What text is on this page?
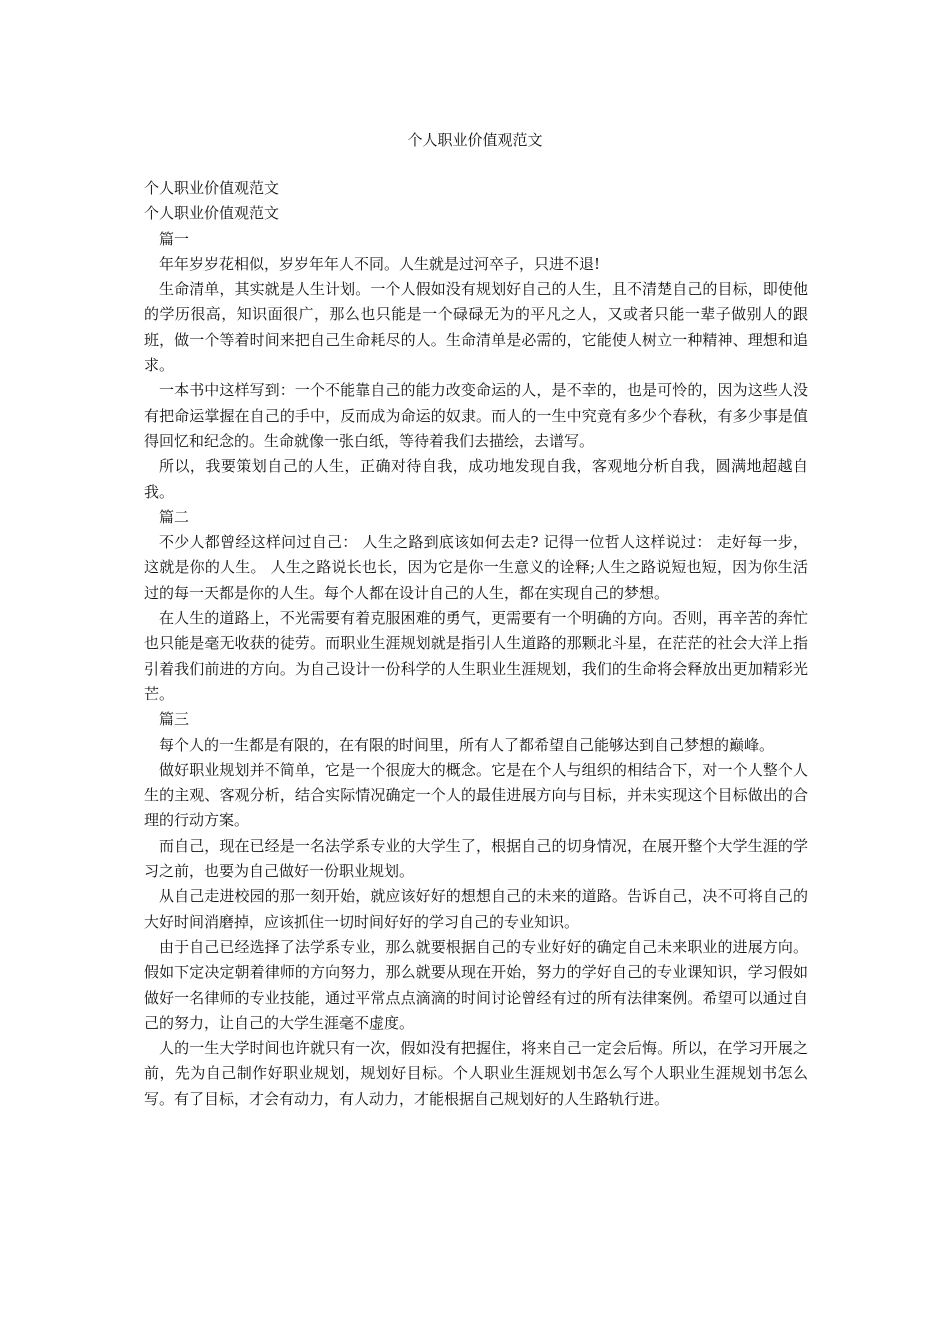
个人职业价值观范文

个人职业价值观范文

个人职业价值观范文

篇一

年年岁岁花相似，岁岁年年人不同。人生就是过河卒子，只进不退!

生命清单，其实就是人生计划。一个人假如没有规划好自己的人生，且不清楚自己的目标，即使他的学历很高，知识面很广，那么也只能是一个碌碌无为的平凡之人，又或者只能一辈子做别人的跟班，做一个等着时间来把自己生命耗尽的人。生命清单是必需的，它能使人树立一种精神、理想和追求。

一本书中这样写到：一个不能靠自己的能力改变命运的人，是不幸的，也是可怜的，因为这些人没有把命运掌握在自己的手中，反而成为命运的奴隶。而人的一生中究竟有多少个春秋，有多少事是值得回忆和纪念的。生命就像一张白纸，等待着我们去描绘，去谱写。

所以，我要策划自己的人生，正确对待自我，成功地发现自我，客观地分析自我，圆满地超越自我。

篇二

不少人都曾经这样问过自己： 人生之路到底该如何去走? 记得一位哲人这样说过： 走好每一步，这就是你的人生。 人生之路说长也长，因为它是你一生意义的诠释;人生之路说短也短，因为你生活过的每一天都是你的人生。每个人都在设计自己的人生，都在实现自己的梦想。

在人生的道路上，不光需要有着克服困难的勇气，更需要有一个明确的方向。否则，再辛苦的奔忙也只能是毫无收获的徒劳。而职业生涯规划就是指引人生道路的那颗北斗星，在茫茫的社会大洋上指引着我们前进的方向。为自己设计一份科学的人生职业生涯规划，我们的生命将会释放出更加精彩光芒。

篇三

每个人的一生都是有限的，在有限的时间里，所有人了都希望自己能够达到自己梦想的巅峰。

做好职业规划并不简单，它是一个很庞大的概念。它是在个人与组织的相结合下，对一个人整个人生的主观、客观分析，结合实际情况确定一个人的最佳进展方向与目标，并未实现这个目标做出的合理的行动方案。

而自己，现在已经是一名法学系专业的大学生了，根据自己的切身情况，在展开整个大学生涯的学习之前，也要为自己做好一份职业规划。

从自己走进校园的那一刻开始，就应该好好的想想自己的未来的道路。告诉自己，决不可将自己的大好时间消磨掉，应该抓住一切时间好好的学习自己的专业知识。

由于自己已经选择了法学系专业，那么就要根据自己的专业好好的确定自己未来职业的进展方向。假如下定决定朝着律师的方向努力，那么就要从现在开始，努力的学好自己的专业课知识，学习假如做好一名律师的专业技能，通过平常点点滴滴的时间讨论曾经有过的所有法律案例。希望可以通过自己的努力，让自己的大学生涯毫不虚度。

人的一生大学时间也许就只有一次，假如没有把握住，将来自己一定会后悔。所以，在学习开展之前，先为自己制作好职业规划，规划好目标。个人职业生涯规划书怎么写个人职业生涯规划书怎么写。有了目标，才会有动力，有人动力，才能根据自己规划好的人生路轨行进。
